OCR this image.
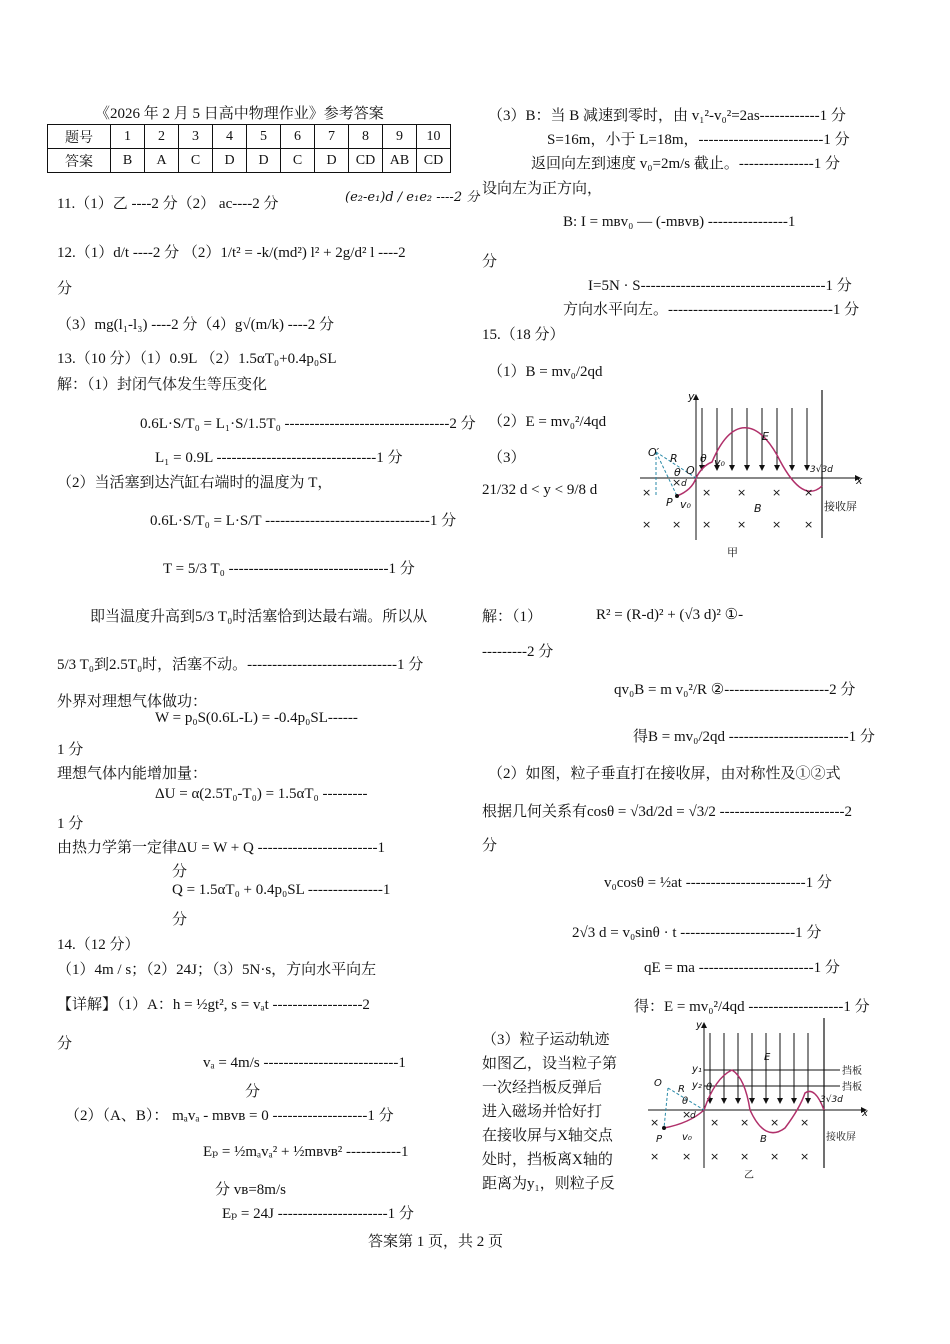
《2026 年 2 月 5 日高中物理作业》参考答案
题号	1	2	3	4	5	6	7	8	9	10
答案	B	A	C	D	D	C	D	CD	AB	CD
11.（1）乙 ----2 分（2） ac----2 分	(e₂-e₁)d / e₁e₂ ----2 分
12.（1）d/t ----2 分 （2）1/t² = -k/(md²) l² + 2g/d² l ----2
分
（3）mg(l₁-l₃) ----2 分（4）g√(m/k) ----2 分
13.（10 分）（1）0.9L （2）1.5αT₀+0.4p₀SL
解：（1）封闭气体发生等压变化
0.6L·S/T₀ = L₁·S/1.5T₀ ---------------------------------2 分
L₁ = 0.9L --------------------------------1 分
（2）当活塞到达汽缸右端时的温度为 T，
0.6L·S/T₀ = L·S/T ---------------------------------1 分
T = 5/3 T₀ --------------------------------1 分
即当温度升高到5/3 T₀时活塞恰到达最右端。所以从
5/3 T₀到2.5T₀时，活塞不动。------------------------------1 分
外界对理想气体做功：
W = p₀S(0.6L-L) = -0.4p₀SL------
1 分
理想气体内能增加量：
ΔU = α(2.5T₀-T₀) = 1.5αT₀ ---------
1 分
由热力学第一定律ΔU = W + Q ------------------------1
分
Q = 1.5αT₀ + 0.4p₀SL ---------------1
分
14.（12 分）
（1）4m / s；（2）24J；（3）5N·s，方向水平向左
【详解】（1）A：h = ½gt², s = vₐt ------------------2
分
vₐ = 4m/s ---------------------------1
分
（2）（A、B）： mₐvₐ - mʙvʙ = 0 -------------------1 分
Eₚ = ½mₐvₐ² + ½mʙvʙ² -----------1
分 vʙ=8m/s
Eₚ = 24J ----------------------1 分
（3）B：当 B 减速到零时，由 v₁²-v₀²=2as------------1 分
S=16m，小于 L=18m，-------------------------1 分
返回向左到速度 v₀=2m/s 截止。---------------1 分
设向左为正方向，
B: I = mʙv₀ — (-mʙvʙ) ----------------1
分
I=5N · S-------------------------------------1 分
方向水平向左。---------------------------------1 分
15.（18 分）
（1）B = mv₀/2qd
（2）E = mv₀²/4qd
（3）
21/32 d < y < 9/8 d	×
×
× × × ×
× × × × × ×
y
x
O′
O
R
θ
θ v₀
v₀
P
E
B
3√3d
接收屏
d
甲
解：（1）	R² = (R-d)² + (√3 d)² ①-
---------2 分
qv₀B = m v₀²/R ②---------------------2 分
得B = mv₀/2qd ------------------------1 分
（2）如图，粒子垂直打在接收屏，由对称性及①②式
根据几何关系有cosθ = √3d/2d = √3/2 -------------------------2
分
v₀cosθ = ½at ------------------------1 分
2√3 d = v₀sinθ · t -----------------------1 分
qE = ma -----------------------1 分
得：E = mv₀²/4qd -------------------1 分
（3）粒子运动轨迹
如图乙，设当粒子第
一次经挡板反弹后
进入磁场并恰好打
在接收屏与X轴交点
处时，挡板离X轴的
距离为y₁，则粒子反
×
×
× × × ×
× × × × × ×
y
x
O
R
θ
θ
v₀
P
E
B
3√3d
接收屏
挡板
挡板
y₁
y₂
d
乙
答案第 1 页，共 2 页
